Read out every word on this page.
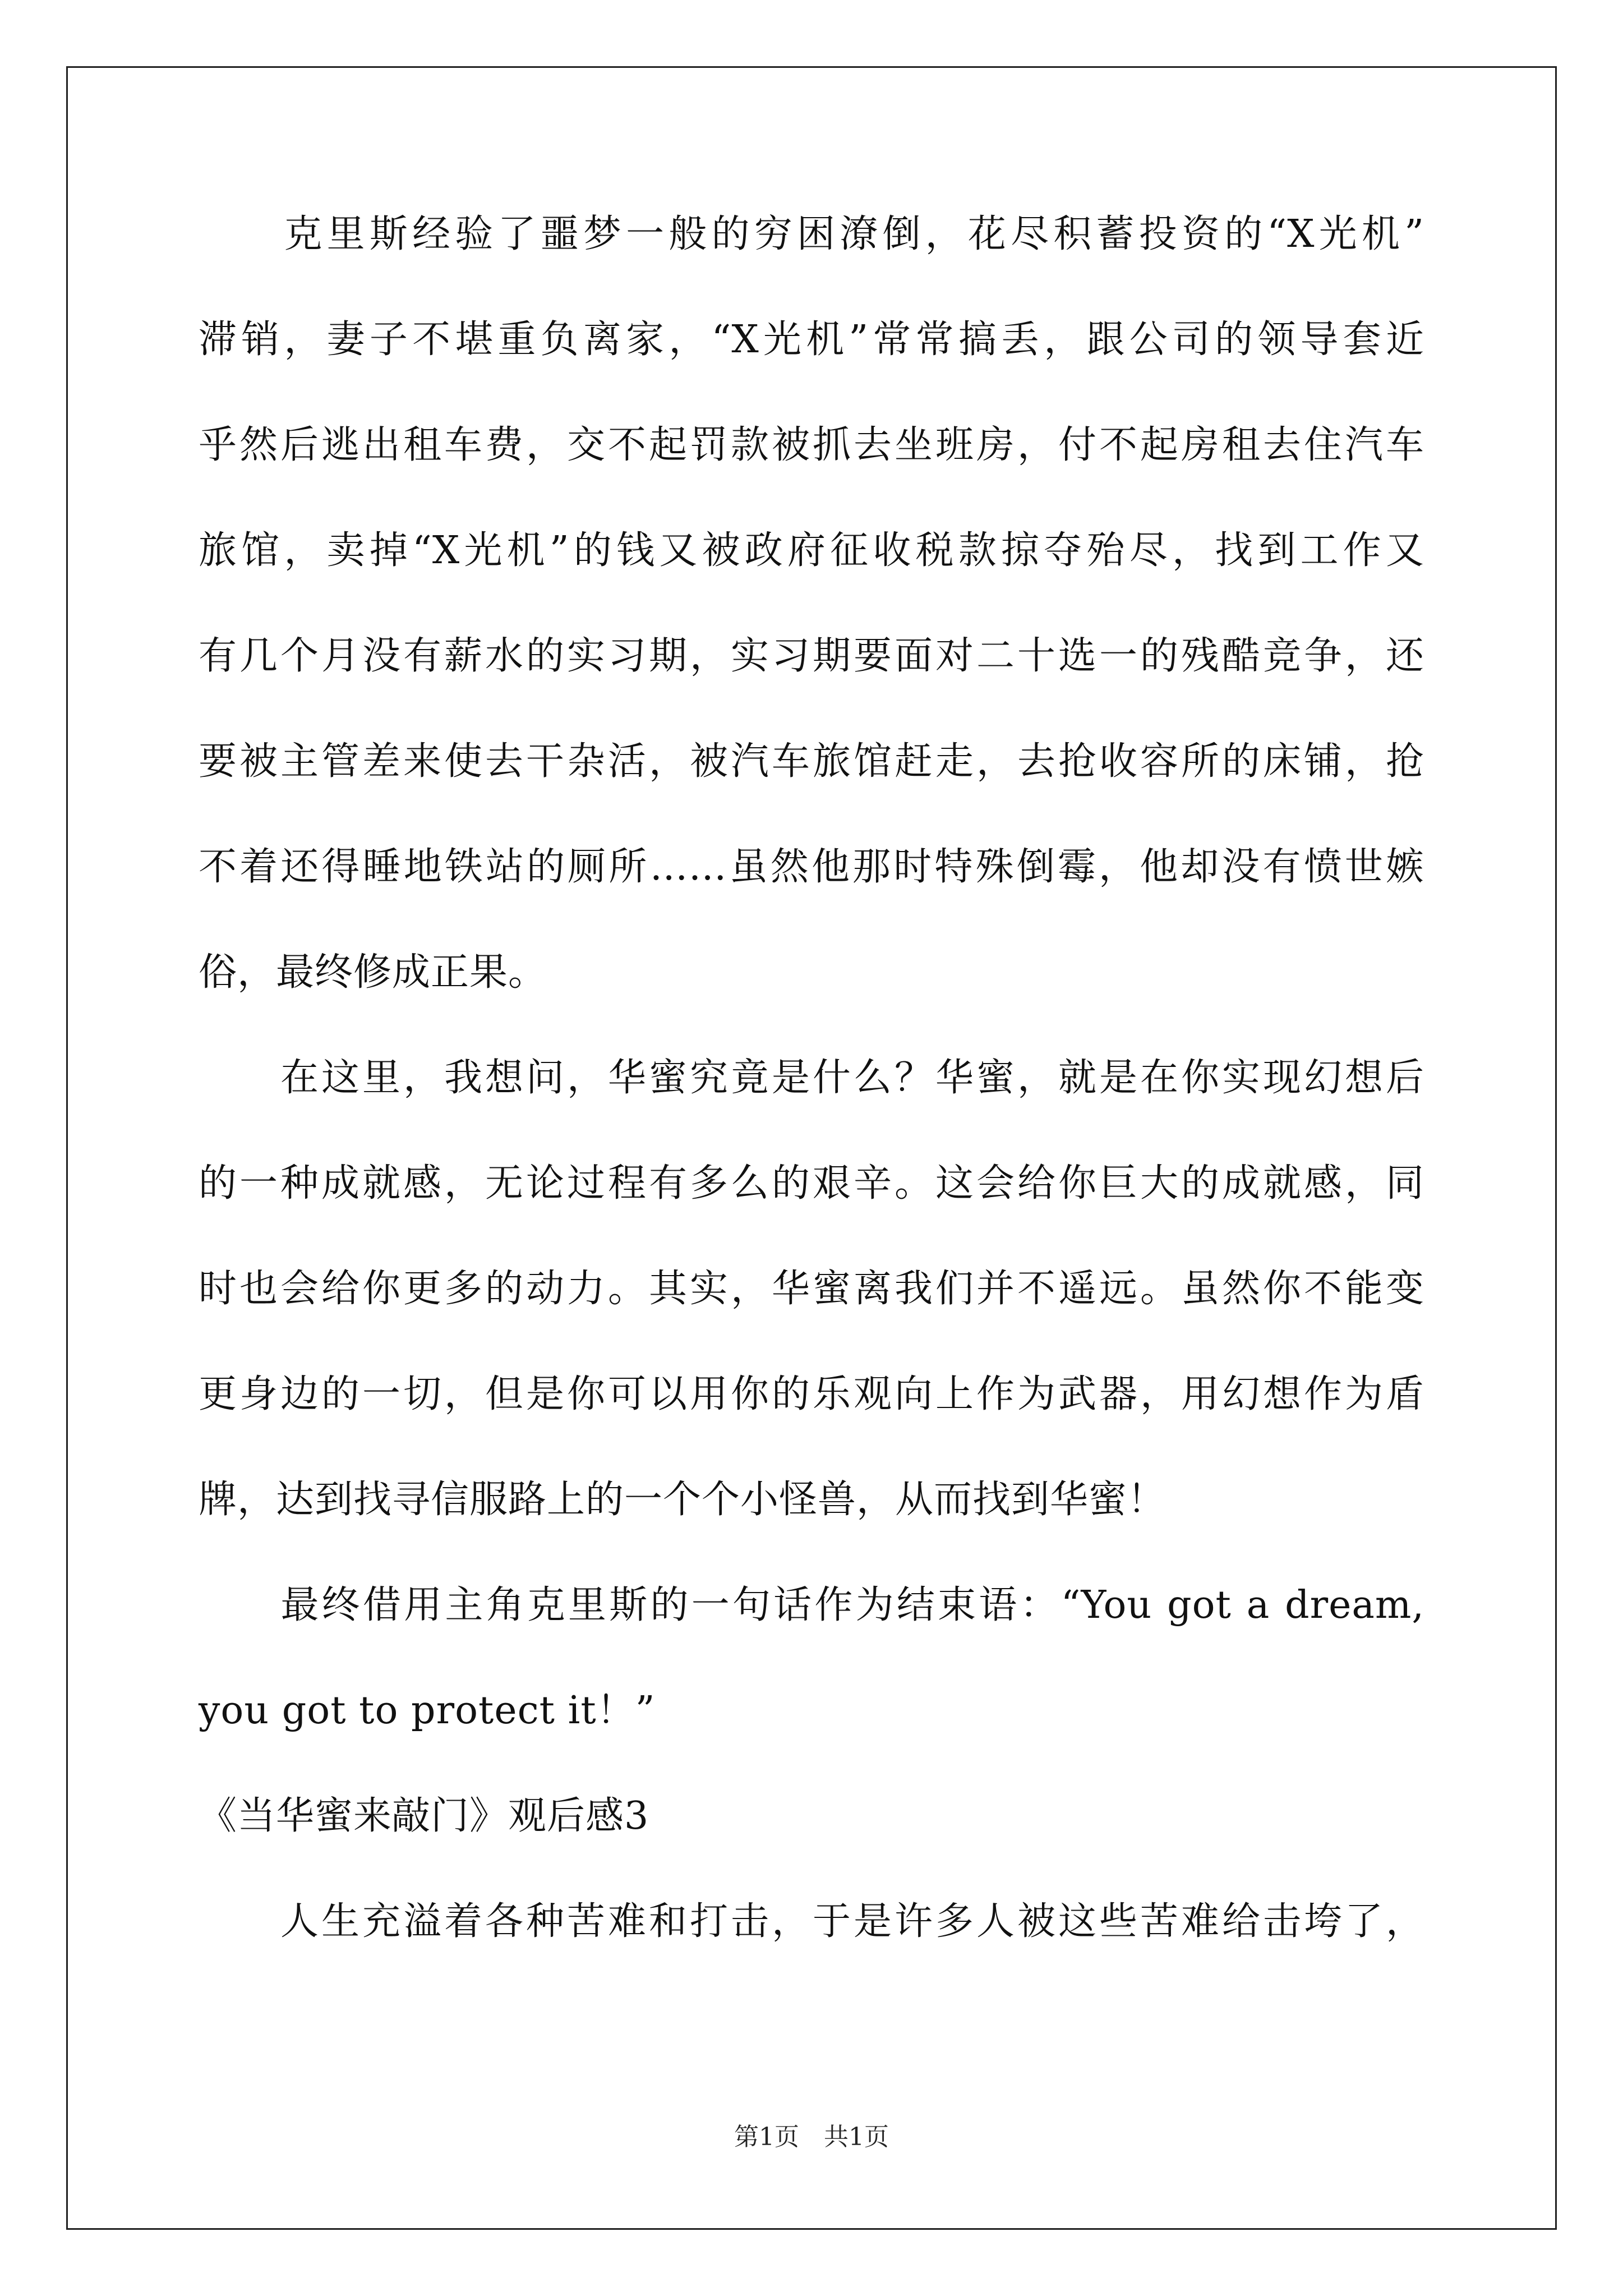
　　克里斯经验了噩梦一般的穷困潦倒，花尽积蓄投资的“X光机”
滞销，妻子不堪重负离家，“X光机”常常搞丢，跟公司的领导套近
乎然后逃出租车费，交不起罚款被抓去坐班房，付不起房租去住汽车
旅馆，卖掉“X光机”的钱又被政府征收税款掠夺殆尽，找到工作又
有几个月没有薪水的实习期，实习期要面对二十选一的残酷竞争，还
要被主管差来使去干杂活，被汽车旅馆赶走，去抢收容所的床铺，抢
不着还得睡地铁站的厕所……虽然他那时特殊倒霉，他却没有愤世嫉
俗，最终修成正果。
　　在这里，我想问，华蜜究竟是什么？华蜜，就是在你实现幻想后
的一种成就感，无论过程有多么的艰辛。这会给你巨大的成就感，同
时也会给你更多的动力。其实，华蜜离我们并不遥远。虽然你不能变
更身边的一切，但是你可以用你的乐观向上作为武器，用幻想作为盾
牌，达到找寻信服路上的一个个小怪兽，从而找到华蜜！
　　最终借用主角克里斯的一句话作为结束语：“You got a dream,
you got to protect it！”
《当华蜜来敲门》观后感3
　　人生充溢着各种苦难和打击，于是许多人被这些苦难给击垮了，
第1页　共1页
